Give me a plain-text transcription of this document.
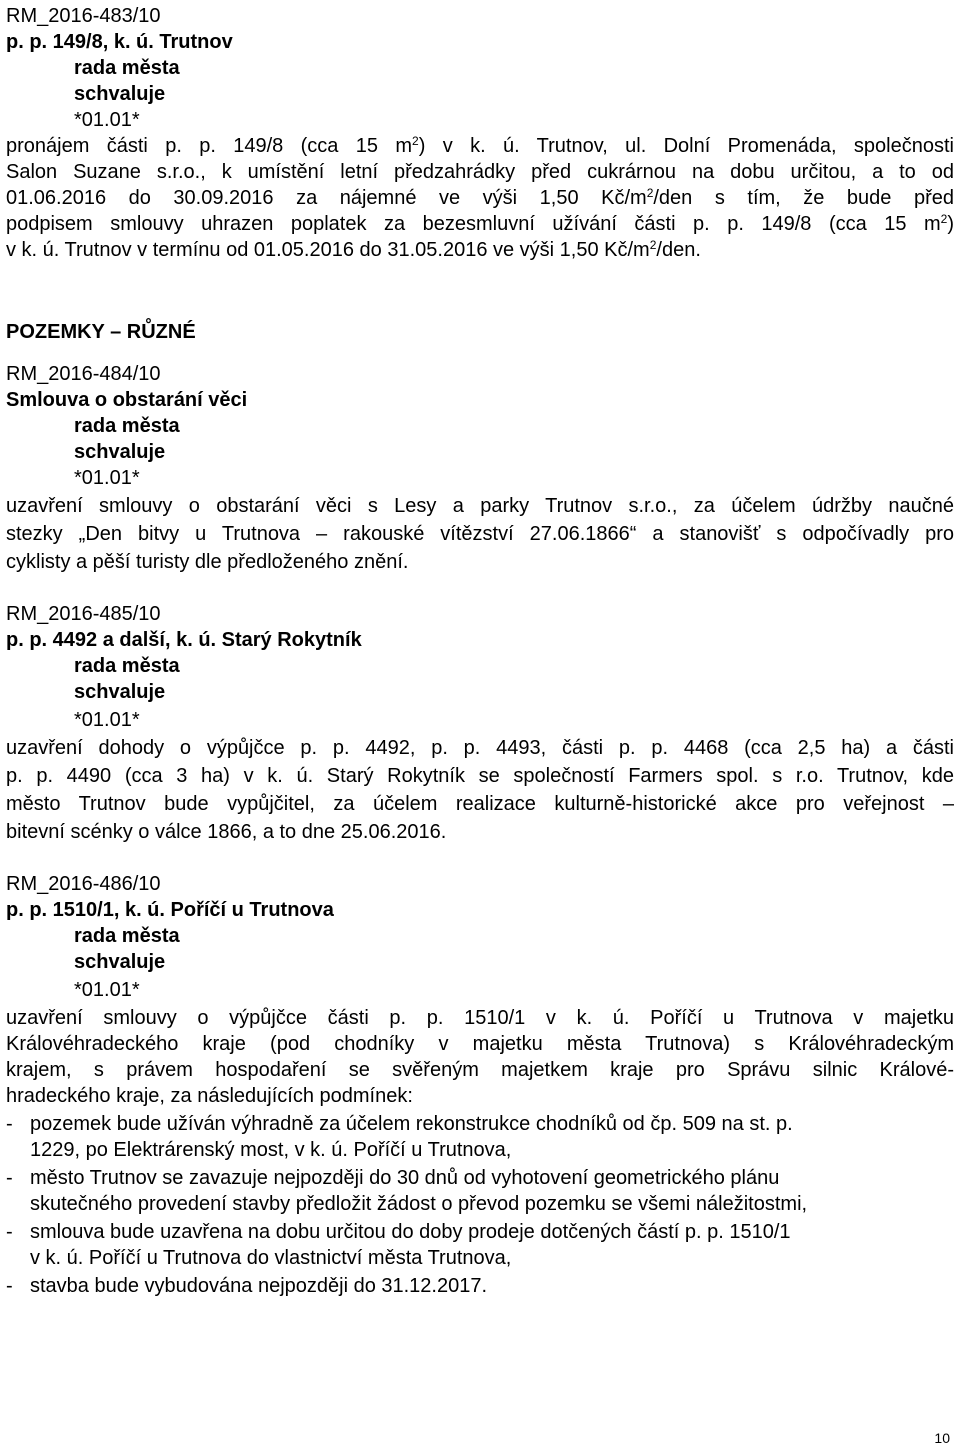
RM_2016-483/10
p. p. 149/8, k. ú. Trutnov
rada města
schvaluje
*01.01*
pronájem části p. p. 149/8 (cca 15 $m^2$) v k. ú. Trutnov, ul. Dolní Promenáda, společnosti
Salon Suzane s.r.o., k umístění letní předzahrádky před cukrárnou na dobu určitou, a to od
01.06.2016 do 30.09.2016 za nájemné ve výši 1,50 $Kč/m^2$/den s tím, že bude před
podpisem smlouvy uhrazen poplatek za bezesmluvní užívání části p. p. 149/8 (cca 15 $m^2$)
v k. ú. Trutnov v termínu od 01.05.2016 do 31.05.2016 ve výši 1,50 $Kč/m^2$/den.
POZEMKY – RŮZNÉ
RM_2016-484/10
Smlouva o obstarání věci
rada města
schvaluje
*01.01*
uzavření smlouvy o obstarání věci s Lesy a parky Trutnov s.r.o., za účelem údržby naučné
stezky „Den bitvy u Trutnova – rakouské vítězství 27.06.1866“ a stanovišť s odpočívadly pro
cyklisty a pěší turisty dle předloženého znění.
RM_2016-485/10
p. p. 4492 a další, k. ú. Starý Rokytník
rada města
schvaluje
*01.01*
uzavření dohody o výpůjčce p. p. 4492, p. p. 4493, části p. p. 4468 (cca 2,5 ha) a části
p. p. 4490 (cca 3 ha) v k. ú. Starý Rokytník se společností Farmers spol. s r.o. Trutnov, kde
město Trutnov bude vypůjčitel, za účelem realizace kulturně-historické akce pro veřejnost –
bitevní scénky o válce 1866, a to dne 25.06.2016.
RM_2016-486/10
p. p. 1510/1, k. ú. Poříčí u Trutnova
rada města
schvaluje
*01.01*
uzavření smlouvy o výpůjčce části p. p. 1510/1 v k. ú. Poříčí u Trutnova v majetku
Královéhradeckého kraje (pod chodníky v majetku města Trutnova) s Královéhradeckým
krajem, s právem hospodaření se svěřeným majetkem kraje pro Správu silnic Králové-
hradeckého kraje, za následujících podmínek:
- pozemek bude užíván výhradně za účelem rekonstrukce chodníků od čp. 509 na st. p.
1229, po Elektrárenský most, v k. ú. Poříčí u Trutnova,
- město Trutnov se zavazuje nejpozději do 30 dnů od vyhotovení geometrického plánu
skutečného provedení stavby předložit žádost o převod pozemku se všemi náležitostmi,
- smlouva bude uzavřena na dobu určitou do doby prodeje dotčených částí p. p. 1510/1
v k. ú. Poříčí u Trutnova do vlastnictví města Trutnova,
- stavba bude vybudována nejpozději do 31.12.2017.
10
